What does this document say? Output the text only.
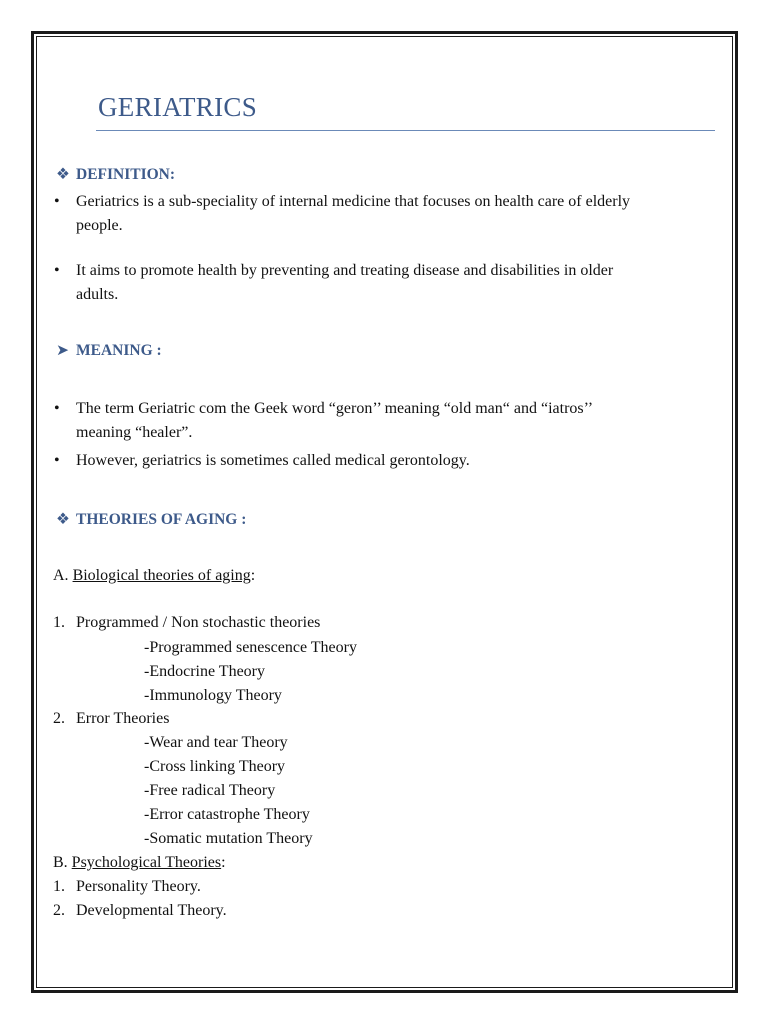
GERIATRICS
❖ DEFINITION:
• Geriatrics is a sub-speciality of internal medicine that focuses on health care of elderly
people.
• It aims to promote health by preventing and treating disease and disabilities in older
adults.
➤ MEANING :
• The term Geriatric com the Geek word “geron’’ meaning “old man“ and “iatros’’
meaning “healer”.
• However, geriatrics is sometimes called medical gerontology.
❖ THEORIES OF AGING :
A. Biological theories of aging:
1. Programmed / Non stochastic theories
-Programmed senescence Theory
-Endocrine Theory
-Immunology Theory
2. Error Theories
-Wear and tear Theory
-Cross linking Theory
-Free radical Theory
-Error catastrophe Theory
-Somatic mutation Theory
B. Psychological Theories:
1. Personality Theory.
2. Developmental Theory.
